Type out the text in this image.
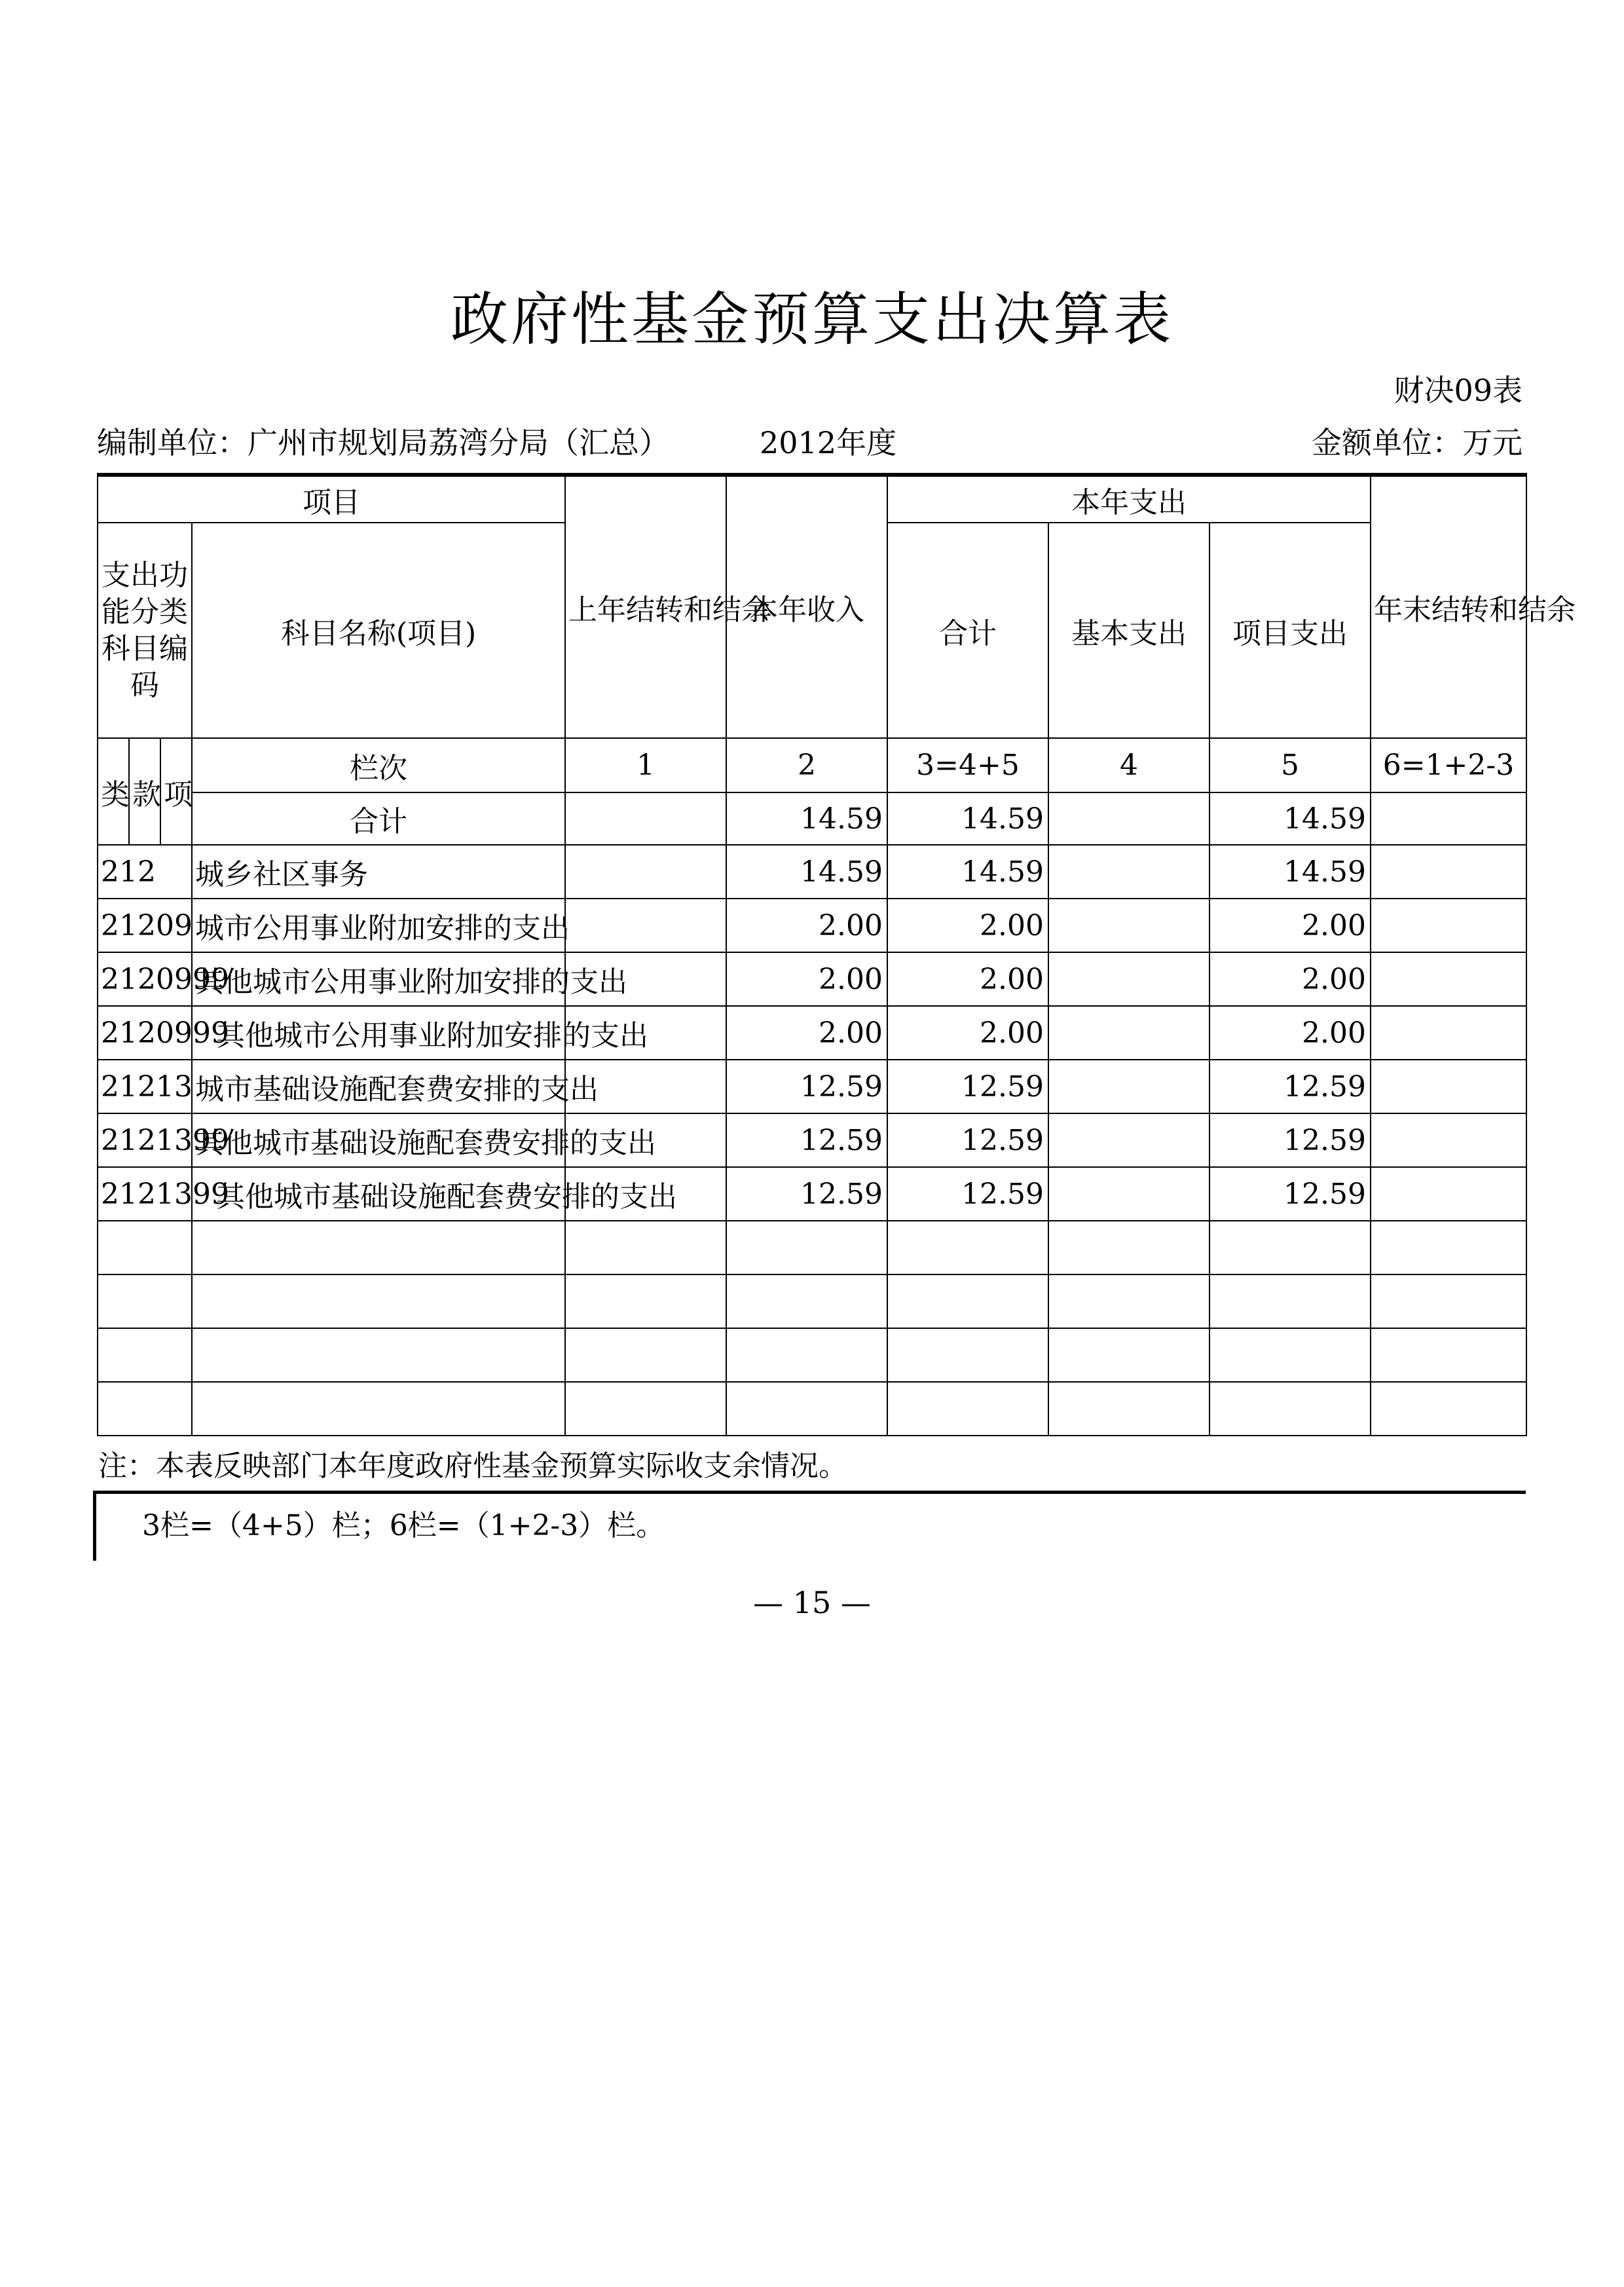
政府性基金预算支出决算表
财决09表
编制单位：广州市规划局荔湾分局（汇总）	2012年度	金额单位：万元
项目				上年结转和结余	本年收入	本年支出			年末结转和结余
支出功能分类科目编码			科目名称(项目)			合计	基本支出	项目支出	
类	款	项	栏次	1	2	3=4+5	4	5	6=1+2-3
			合计		14.59	14.59		14.59	
212			城乡社区事务		14.59	14.59		14.59	
21209			城市公用事业附加安排的支出		2.00	2.00		2.00	
2120999			其他城市公用事业附加安排的支出		2.00	2.00		2.00	
2120999			其他城市公用事业附加安排的支出		2.00	2.00		2.00	
21213			城市基础设施配套费安排的支出		12.59	12.59		12.59	
2121399			其他城市基础设施配套费安排的支出		12.59	12.59		12.59	
2121399			其他城市基础设施配套费安排的支出		12.59	12.59		12.59	

注：本表反映部门本年度政府性基金预算实际收支余情况。
3栏=（4+5）栏；6栏=（1+2-3）栏。
— 15 —
